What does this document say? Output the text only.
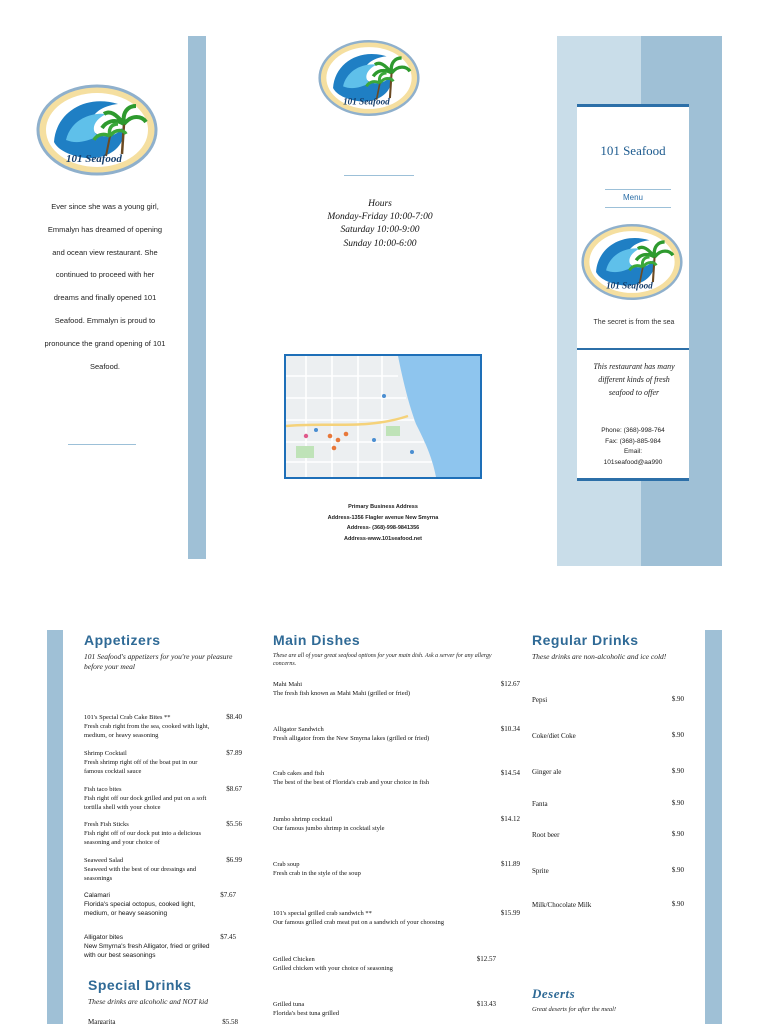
101 Seafood
Ever since she was a young girl, Emmalyn has dreamed of opening and ocean view restaurant. She continued to proceed with her dreams and finally opened 101 Seafood. Emmalyn is proud to pronounce the grand opening of 101 Seafood.
101 Seafood
Hours
Monday-Friday 10:00-7:00
Saturday 10:00-9:00
Sunday 10:00-6:00
Primary Business Address
Address-1356 Flagler avenue New Smyrna
Address- (368)-998-9841356
Address-www.101seafood.net
101 Seafood
Menu
101 Seafood
The secret is from the sea
This restaurant has many different kinds of fresh seafood to offer
Phone: (368)-998-764
Fax: (368)-885-984
Email:
101seafood@aa990
Appetizers
101 Seafood's appetizers for you're your pleasure before your meal
101's Special Crab Cake Bites **
Fresh crab right from the sea, cooked with light, medium, or heavy seasoning
$8.40
Shrimp Cocktail
Fresh shrimp right off of the boat put in our famous cocktail sauce
$7.89
Fish taco bites
Fish right off our dock grilled and put on a soft tortilla shell with your choice
$8.67
Fresh Fish Sticks
Fish right off of our dock put into a delicious seasoning and your choice of
$5.56
Seaweed Salad
Seaweed with the best of our dressings and seasonings
$6.99
Calamari
Florida's special octopus, cooked light, medium, or heavy seasoning
$7.67
Alligator bites
New Smyrna's fresh Alligator, fried or grilled with our best seasonings
$7.45
Special Drinks
These drinks are alcoholic and NOT kid
Margarita	$5.58
Main Dishes
These are all of your great seafood options for your main dish. Ask a server for any allergy concerns.
Mahi Mahi
The fresh fish known as Mahi Mahi (grilled or fried)
$12.67
Alligator Sandwich
Fresh alligator from the New Smyrna lakes (grilled or fried)
$10.34
Crab cakes and fish
The best of the best of Florida's crab and your choice in fish
$14.54
Jumbo shrimp cocktail
Our famous jumbo shrimp in cocktail style
$14.12
Crab soup
Fresh crab in the style of the soup
$11.89
101's special grilled crab sandwich **
Our famous grilled crab meat put on a sandwich of your choosing
$15.99
Grilled Chicken
Grilled chicken with your choice of seasoning
$12.57
Grilled tuna
Florida's best tuna grilled
$13.43
Regular Drinks
These drinks are non-alcoholic and ice cold!
Pepsi	$.90
Coke/diet Coke	$.90
Ginger ale	$.90
Fanta	$.90
Root beer	$.90
Sprite	$.90
Milk/Chocolate Milk	$.90
Deserts
Great deserts for after the meal!
